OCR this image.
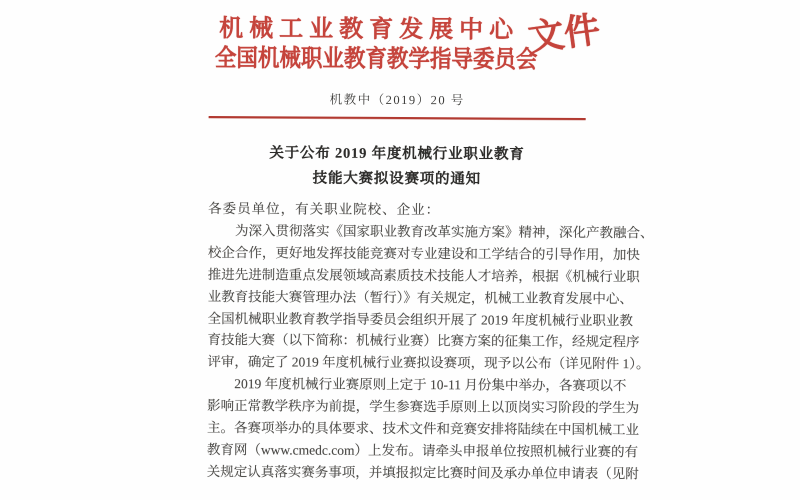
机械工业教育发展中心
全国机械职业教育教学指导委员会
文件
机教中（2019）20 号
关于公布 2019 年度机械行业职业教育
技能大赛拟设赛项的通知
各委员单位，有关职业院校、企业：
为深入贯彻落实《国家职业教育改革实施方案》精神，深化产教融合、
校企合作，更好地发挥技能竞赛对专业建设和工学结合的引导作用，加快
推进先进制造重点发展领域高素质技术技能人才培养，根据《机械行业职
业教育技能大赛管理办法（暂行）》有关规定，机械工业教育发展中心、
全国机械职业教育教学指导委员会组织开展了 2019 年度机械行业职业教
育技能大赛（以下简称：机械行业赛）比赛方案的征集工作，经规定程序
评审，确定了 2019 年度机械行业赛拟设赛项，现予以公布（详见附件 1）。
2019 年度机械行业赛原则上定于 10-11 月份集中举办，各赛项以不
影响正常教学秩序为前提，学生参赛选手原则上以顶岗实习阶段的学生为
主。各赛项举办的具体要求、技术文件和竞赛安排将陆续在中国机械工业
教育网（www.cmedc.com）上发布。请牵头申报单位按照机械行业赛的有
关规定认真落实赛务事项，并填报拟定比赛时间及承办单位申请表（见附
